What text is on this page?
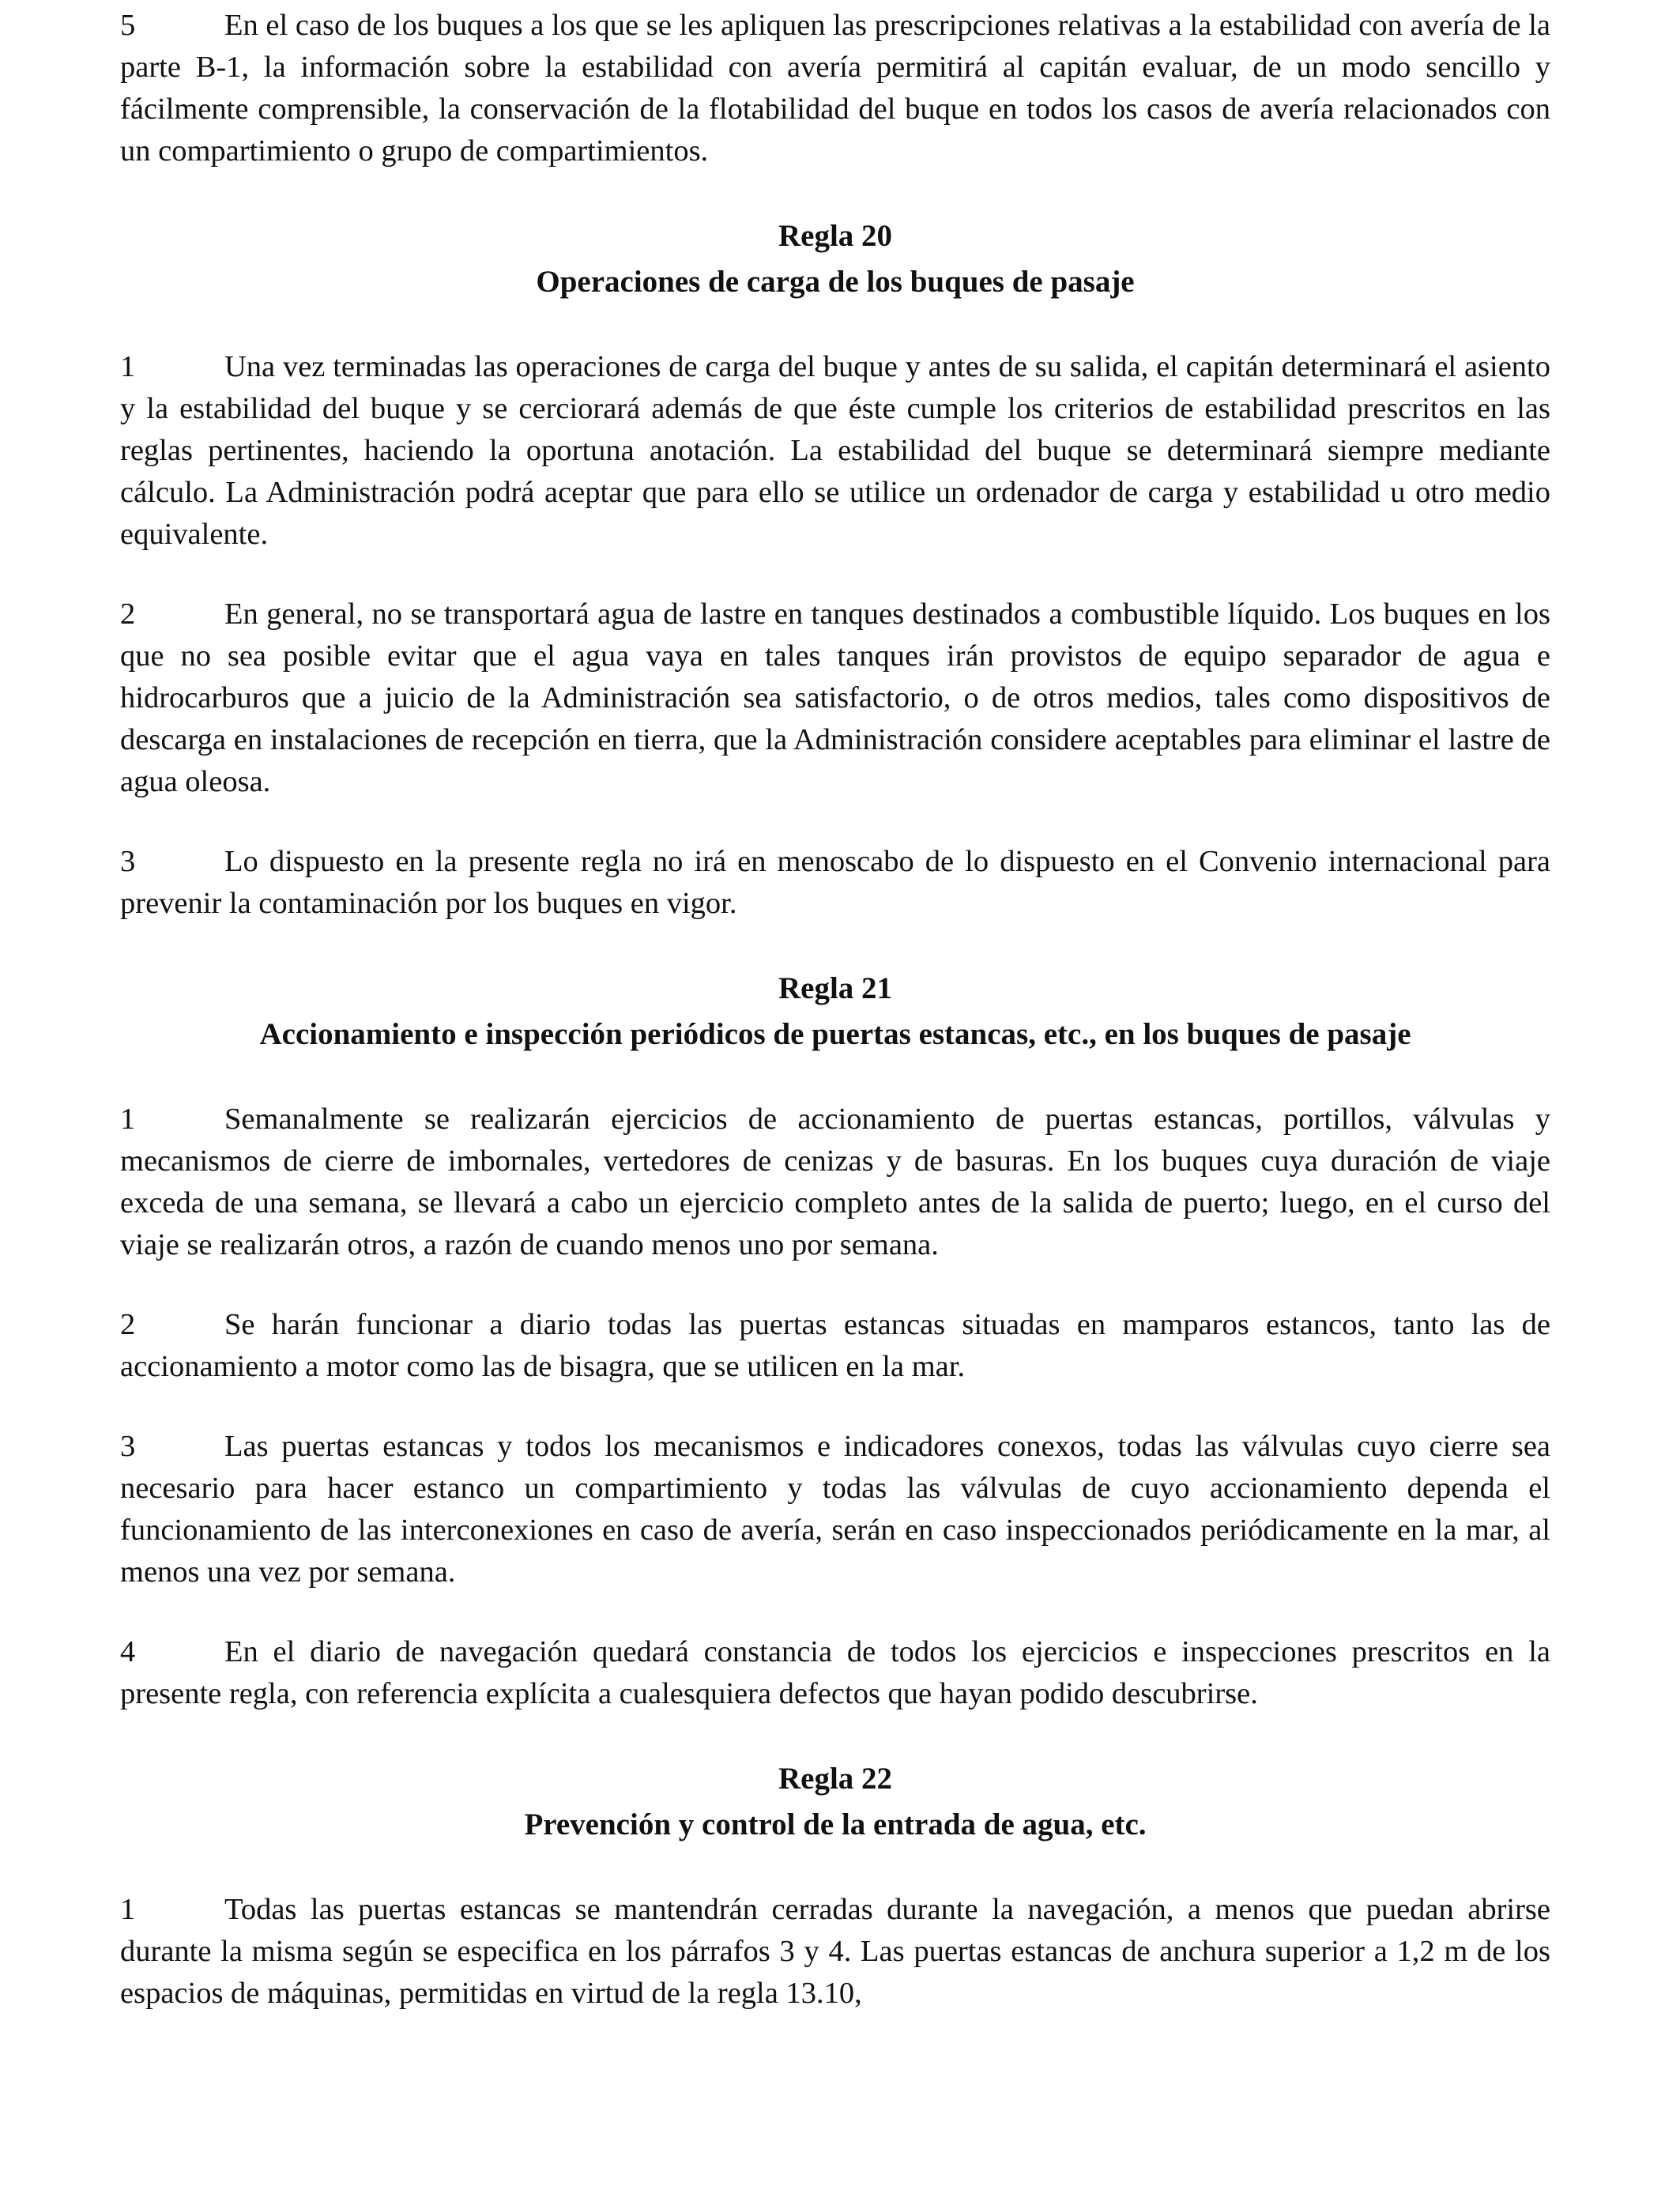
5	En el caso de los buques a los que se les apliquen las prescripciones relativas a la estabilidad con avería de la parte B-1, la información sobre la estabilidad con avería permitirá al capitán evaluar, de un modo sencillo y fácilmente comprensible, la conservación de la flotabilidad del buque en todos los casos de avería relacionados con un compartimiento o grupo de compartimientos.

Regla 20

Operaciones de carga de los buques de pasaje

1	Una vez terminadas las operaciones de carga del buque y antes de su salida, el capitán determinará el asiento y la estabilidad del buque y se cerciorará además de que éste cumple los criterios de estabilidad prescritos en las reglas pertinentes, haciendo la oportuna anotación. La estabilidad del buque se determinará siempre mediante cálculo. La Administración podrá aceptar que para ello se utilice un ordenador de carga y estabilidad u otro medio equivalente.

2	En general, no se transportará agua de lastre en tanques destinados a combustible líquido. Los buques en los que no sea posible evitar que el agua vaya en tales tanques irán provistos de equipo separador de agua e hidrocarburos que a juicio de la Administración sea satisfactorio, o de otros medios, tales como dispositivos de descarga en instalaciones de recepción en tierra, que la Administración considere aceptables para eliminar el lastre de agua oleosa.

3	Lo dispuesto en la presente regla no irá en menoscabo de lo dispuesto en el Convenio internacional para prevenir la contaminación por los buques en vigor.

Regla 21

Accionamiento e inspección periódicos de puertas estancas, etc., en los buques de pasaje

1	Semanalmente se realizarán ejercicios de accionamiento de puertas estancas, portillos, válvulas y mecanismos de cierre de imbornales, vertedores de cenizas y de basuras. En los buques cuya duración de viaje exceda de una semana, se llevará a cabo un ejercicio completo antes de la salida de puerto; luego, en el curso del viaje se realizarán otros, a razón de cuando menos uno por semana.

2	Se harán funcionar a diario todas las puertas estancas situadas en mamparos estancos, tanto las de accionamiento a motor como las de bisagra, que se utilicen en la mar.

3	Las puertas estancas y todos los mecanismos e indicadores conexos, todas las válvulas cuyo cierre sea necesario para hacer estanco un compartimiento y todas las válvulas de cuyo accionamiento dependa el funcionamiento de las interconexiones en caso de avería, serán en caso inspeccionados periódicamente en la mar, al menos una vez por semana.

4	En el diario de navegación quedará constancia de todos los ejercicios e inspecciones prescritos en la presente regla, con referencia explícita a cualesquiera defectos que hayan podido descubrirse.

Regla 22

Prevención y control de la entrada de agua, etc.

1	Todas las puertas estancas se mantendrán cerradas durante la navegación, a menos que puedan abrirse durante la misma según se especifica en los párrafos 3 y 4. Las puertas estancas de anchura superior a 1,2 m de los espacios de máquinas, permitidas en virtud de la regla 13.10,
